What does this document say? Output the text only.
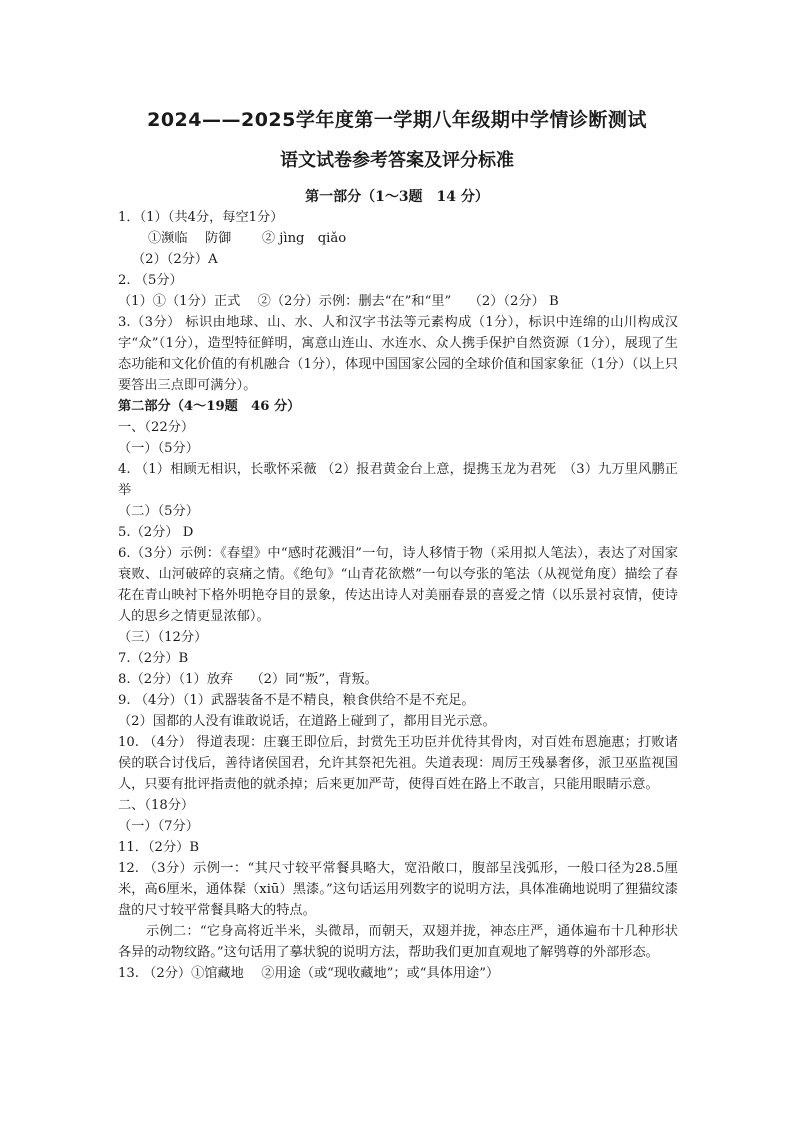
2024——2025学年度第一学期八年级期中学情诊断测试
语文试卷参考答案及评分标准
第一部分（1～3题　14 分）
1．（1）（共4分，每空1分）
①濒临　 防御　　 ② jìng　qiǎo
（2）（2分）A
2. （5分）
（1）①（1分）正式　 ②（2分）示例：删去“在”和“里”　 （2）（2分） B
3.（3分） 标识由地球、山、水、人和汉字书法等元素构成（1分），标识中连绵的山川构成汉字“众”（1分），造型特征鲜明，寓意山连山、水连水、众人携手保护自然资源（1分），展现了生态功能和文化价值的有机融合（1分），体现中国国家公园的全球价值和国家象征（1分）（以上只要答出三点即可满分）。
第二部分（4～19题　46 分）
一、（22分）
（一）（5分）
4. （1）相顾无相识，长歌怀采薇 （2）报君黄金台上意，提携玉龙为君死　（3）九万里风鹏正举
（二）（5分）
5.（2分） D
6.（3分）示例：《春望》中“感时花溅泪”一句，诗人移情于物（采用拟人笔法），表达了对国家衰败、山河破碎的哀痛之情。《绝句》“山青花欲燃”一句以夸张的笔法（从视觉角度）描绘了春花在青山映衬下格外明艳夺目的景象，传达出诗人对美丽春景的喜爱之情（以乐景衬哀情，使诗人的思乡之情更显浓郁）。
（三）（12分）
7.（2分）B
8.（2分）（1）放弃　 （2）同“叛”，背叛。
9. （4分）（1）武器装备不是不精良，粮食供给不是不充足。
（2）国都的人没有谁敢说话，在道路上碰到了，都用目光示意。
10. （4分） 得道表现：庄襄王即位后，封赏先王功臣并优待其骨肉，对百姓布恩施惠；打败诸侯的联合讨伐后，善待诸侯国君，允许其祭祀先祖。失道表现：周厉王残暴奢侈，派卫巫监视国人，只要有批评指责他的就杀掉；后来更加严苛，使得百姓在路上不敢言，只能用眼睛示意。
二、（18分）
（一）（7分）
11．（2分）B
12. （3分）示例一：“其尺寸较平常餐具略大，宽沿敞口，腹部呈浅弧形，一般口径为28.5厘米，高6厘米，通体髹（xiū）黑漆。”这句话运用列数字的说明方法，具体准确地说明了狸猫纹漆盘的尺寸较平常餐具略大的特点。
示例二：“它身高将近半米，头微昂，而朝天，双翅并拢，神态庄严，通体遍布十几种形状各异的动物纹路。”这句话用了摹状貌的说明方法，帮助我们更加直观地了解鸮尊的外部形态。
13. （2分）①馆藏地　 ②用途（或“现收藏地”；或“具体用途”）
